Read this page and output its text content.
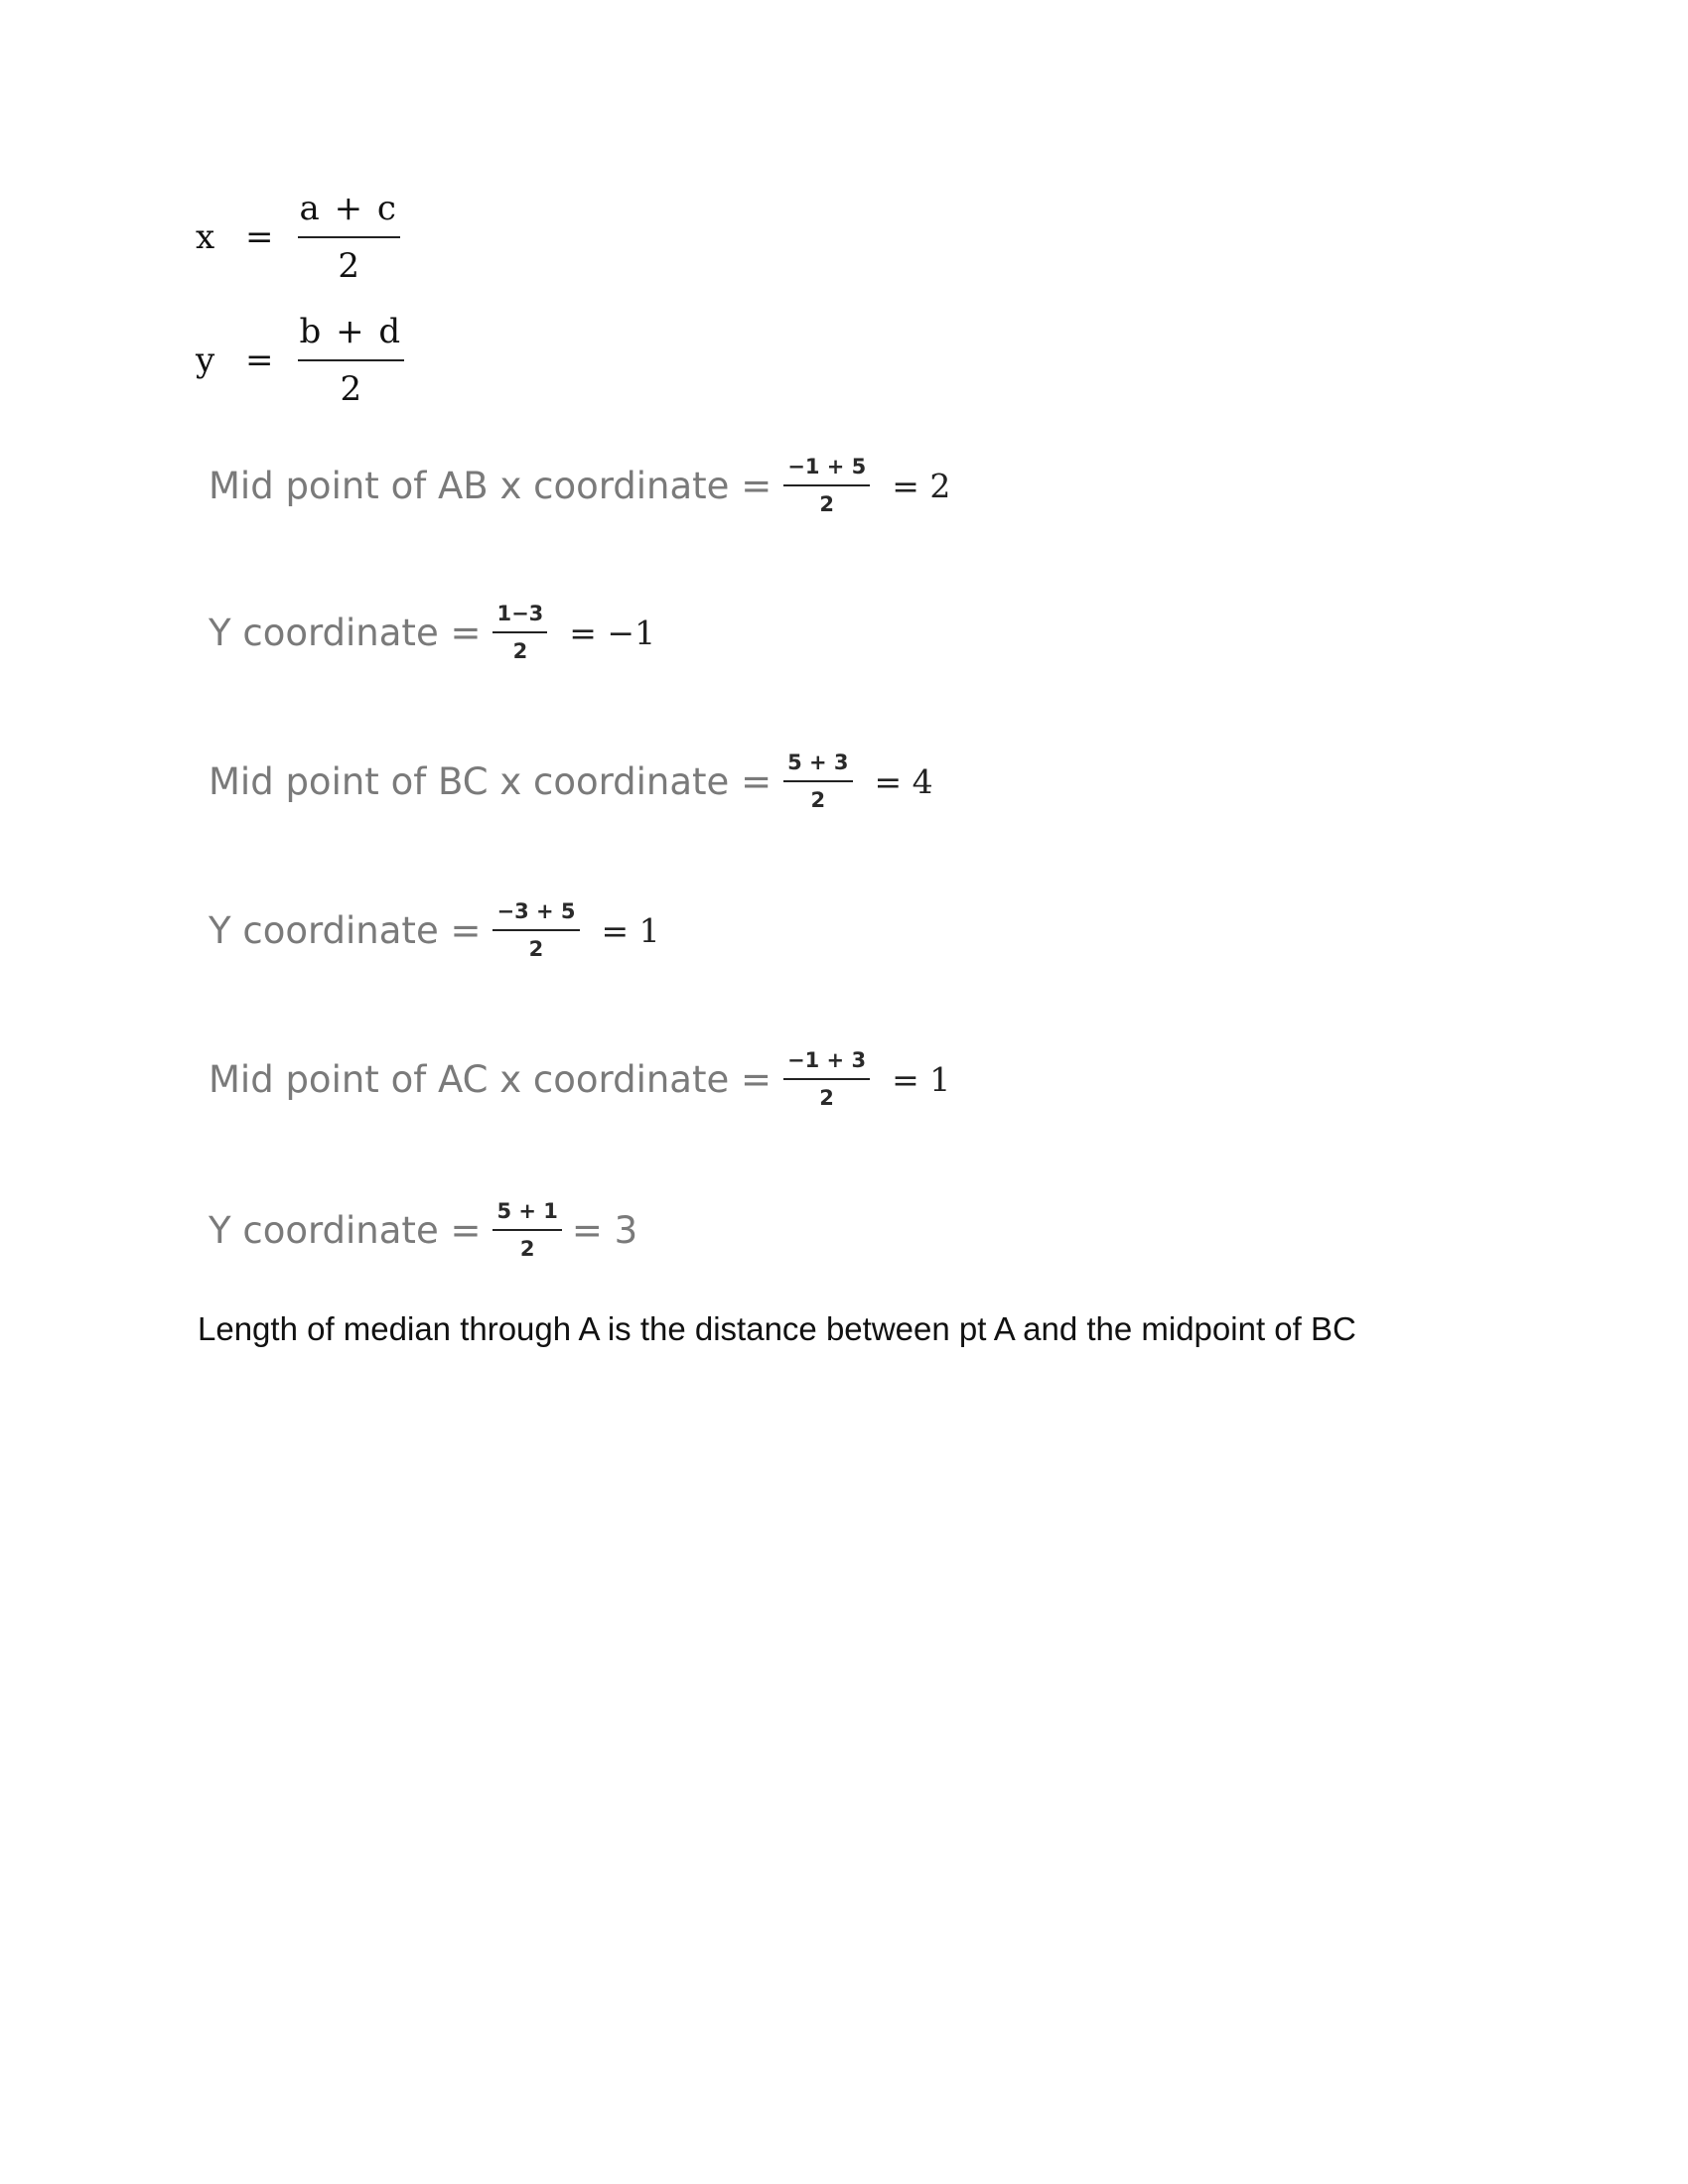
$x = \frac{a + c}{2}$
$y = \frac{b + d}{2}$
Mid point of AB x coordinate = $\frac{-1 + 5}{2} = 2$
Y coordinate = $\frac{1-3}{2} = -1$
Mid point of BC x coordinate = $\frac{5 + 3}{2} = 4$
Y coordinate = $\frac{-3 + 5}{2} = 1$
Mid point of AC x coordinate = $\frac{-1 + 3}{2} = 1$
Y coordinate = $\frac{5 + 1}{2} = 3$
Length of median through A is the distance between pt A and the midpoint of BC
